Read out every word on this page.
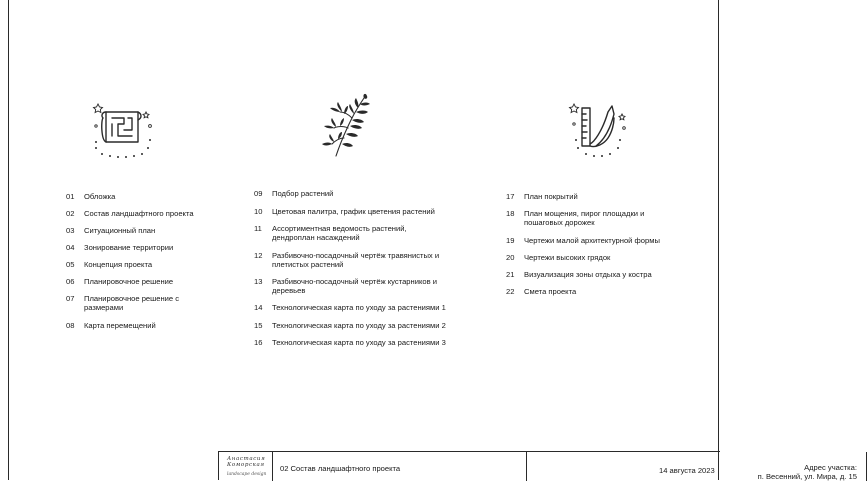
01	Обложка
02	Состав ландшафтного проекта
03	Ситуационный план
04	Зонирование территории
05	Концепция проекта
06	Планировочное решение
07	Планировочное решение с размерами
08	Карта перемещений
09	Подбор растений
10	Цветовая палитра, график цветения растений
11	Ассортиментная ведомость растений, дендроплан насаждений
12	Разбивочно-посадочный чертёж травянистых и плетистых растений
13	Разбивочно-посадочный чертёж кустарников и деревьев
14	Технологическая карта по уходу за растениями 1
15	Технологическая карта по уходу за растениями 2
16	Технологическая карта по уходу за растениями 3
17	План покрытий
18	План мощения, пирог площадки и пошаговых дорожек
19	Чертежи малой архитектурной формы
20	Чертежи высоких грядок
21	Визуализация зоны отдыха у костра
22	Смета проекта
Анастасия
Коморская
landscape design
02 Состав ландшафтного проекта	Адрес участка:
п. Весенний, ул. Мира, д. 15
14 августа 2023
